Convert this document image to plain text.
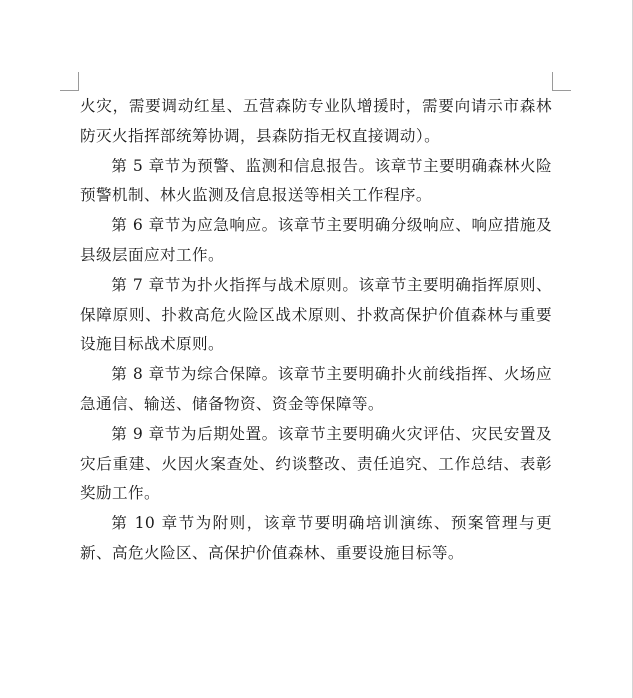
火灾，需要调动红星、五营森防专业队增援时，需要向请示市森林防灭火指挥部统筹协调，县森防指无权直接调动）。

第 5 章节为预警、监测和信息报告。该章节主要明确森林火险预警机制、林火监测及信息报送等相关工作程序。

第 6 章节为应急响应。该章节主要明确分级响应、响应措施及县级层面应对工作。

第 7 章节为扑火指挥与战术原则。该章节主要明确指挥原则、保障原则、扑救高危火险区战术原则、扑救高保护价值森林与重要设施目标战术原则。

第 8 章节为综合保障。该章节主要明确扑火前线指挥、火场应急通信、输送、储备物资、资金等保障等。

第 9 章节为后期处置。该章节主要明确火灾评估、灾民安置及灾后重建、火因火案查处、约谈整改、责任追究、工作总结、表彰奖励工作。

第 10 章节为附则，该章节要明确培训演练、预案管理与更新、高危火险区、高保护价值森林、重要设施目标等。
